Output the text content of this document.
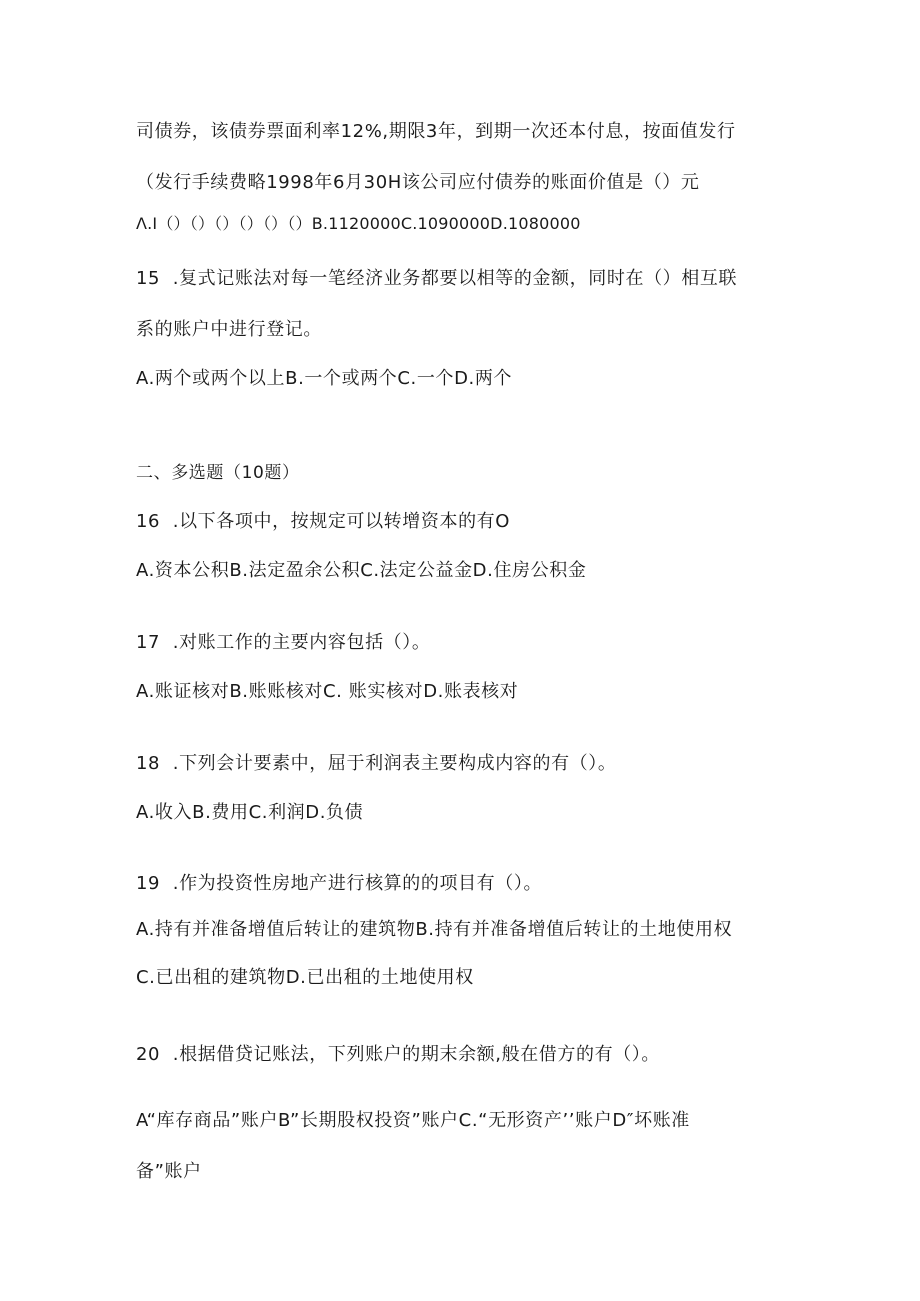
司债券，该债券票面利率12%,期限3年，到期一次还本付息，按面值发行
（发行手续费略1998年6月30H该公司应付债券的账面价值是（）元
Λ.I（）（）（）（）（）（）B.1120000C.1090000D.1080000
15  .复式记账法对每一笔经济业务都要以相等的金额，同时在（）相互联
系的账户中进行登记。
A.两个或两个以上B.一个或两个C.一个D.两个
二、多选题（10题）
16  .以下各项中，按规定可以转增资本的有O
A.资本公积B.法定盈余公积C.法定公益金D.住房公积金
17  .对账工作的主要内容包括（）。
A.账证核对B.账账核对C. 账实核对D.账表核对
18  .下列会计要素中，屈于利润表主要构成内容的有（）。
A.收入B.费用C.利润D.负债
19  .作为投资性房地产进行核算的的项目有（）。
A.持有并准备增值后转让的建筑物B.持有并准备增值后转让的土地使用权
C.已出租的建筑物D.已出租的土地使用权
20  .根据借贷记账法，下列账户的期末余额,般在借方的有（）。
A“库存商品”账户B”长期股权投资”账户C.“无形资产’’账户D″坏账准
备”账户
